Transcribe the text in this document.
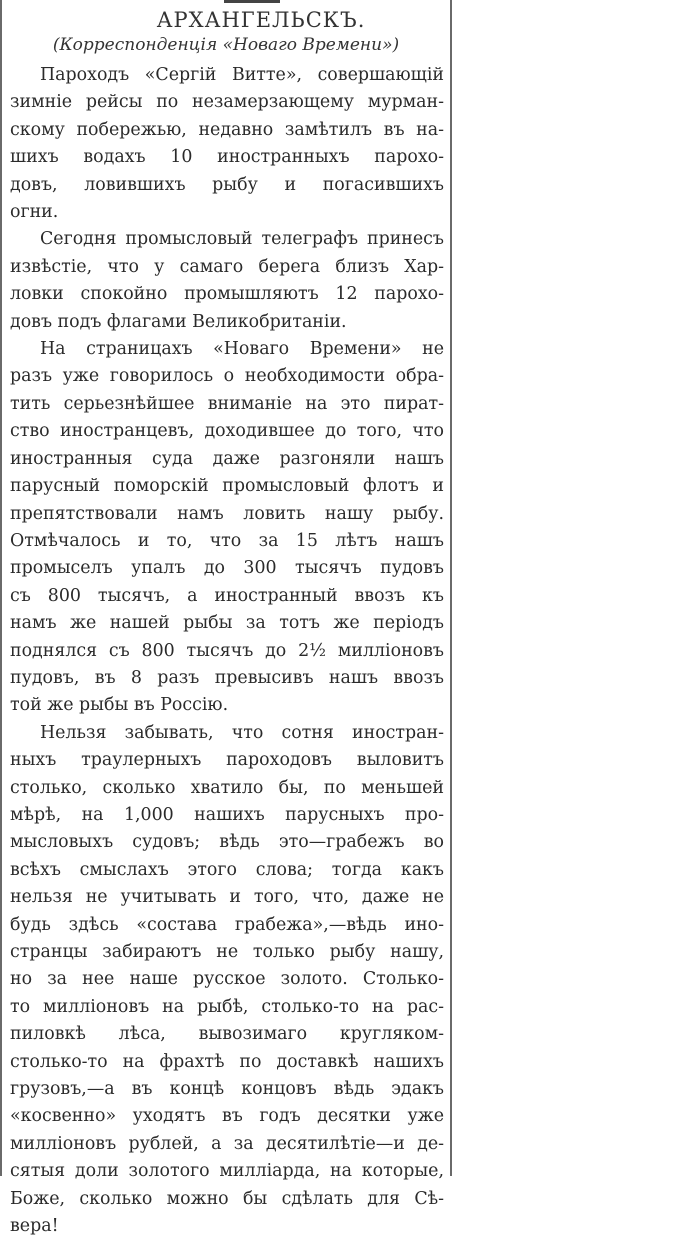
АРХАНГЕЛЬСКЪ.
(Корреспонденція «Новаго Времени»)

Пароходъ «Сергій Витте», совершающій
зимніе рейсы по незамерзающему мурман-
скому побережью, недавно замѣтилъ въ на-
шихъ водахъ 10 иностранныхъ парохо-
довъ, ловившихъ рыбу и погасившихъ
огни.

Сегодня промысловый телеграфъ принесъ
извѣстіе, что у самаго берега близъ Хар-
ловки спокойно промышляютъ 12 парохо-
довъ подъ флагами Великобританіи.

На страницахъ «Новаго Времени» не
разъ уже говорилось о необходимости обра-
тить серьезнѣйшее вниманіе на это пират-
ство иностранцевъ, доходившее до того, что
иностранныя суда даже разгоняли нашъ
парусный поморскій промысловый флотъ и
препятствовали намъ ловить нашу рыбу.
Отмѣчалось и то, что за 15 лѣтъ нашъ
промыселъ упалъ до 300 тысячъ пудовъ
съ 800 тысячъ, а иностранный ввозъ къ
намъ же нашей рыбы за тотъ же періодъ
поднялся съ 800 тысячъ до 2½ милліоновъ
пудовъ, въ 8 разъ превысивъ нашъ ввозъ
той же рыбы въ Россію.

Нельзя забывать, что сотня иностран-
ныхъ траулерныхъ пароходовъ выловитъ
столько, сколько хватило бы, по меньшей
мѣрѣ, на 1,000 нашихъ парусныхъ про-
мысловыхъ судовъ; вѣдь это—грабежъ во
всѣхъ смыслахъ этого слова; тогда какъ
нельзя не учитывать и того, что, даже не
будь здѣсь «состава грабежа»,—вѣдь ино-
странцы забираютъ не только рыбу нашу,
но за нее наше русское золото. Столько-
то милліоновъ на рыбѣ, столько-то на рас-
пиловкѣ лѣса, вывозимаго кругляком-
столько-то на фрахтѣ по доставкѣ нашихъ
грузовъ,—а въ концѣ концовъ вѣдь эдакъ
«косвенно» уходятъ въ годъ десятки уже
милліоновъ рублей, а за десятилѣтіе—и де-
сятыя доли золотого милліарда, на которые,
Боже, сколько можно бы сдѣлать для Сѣ-
вера!
